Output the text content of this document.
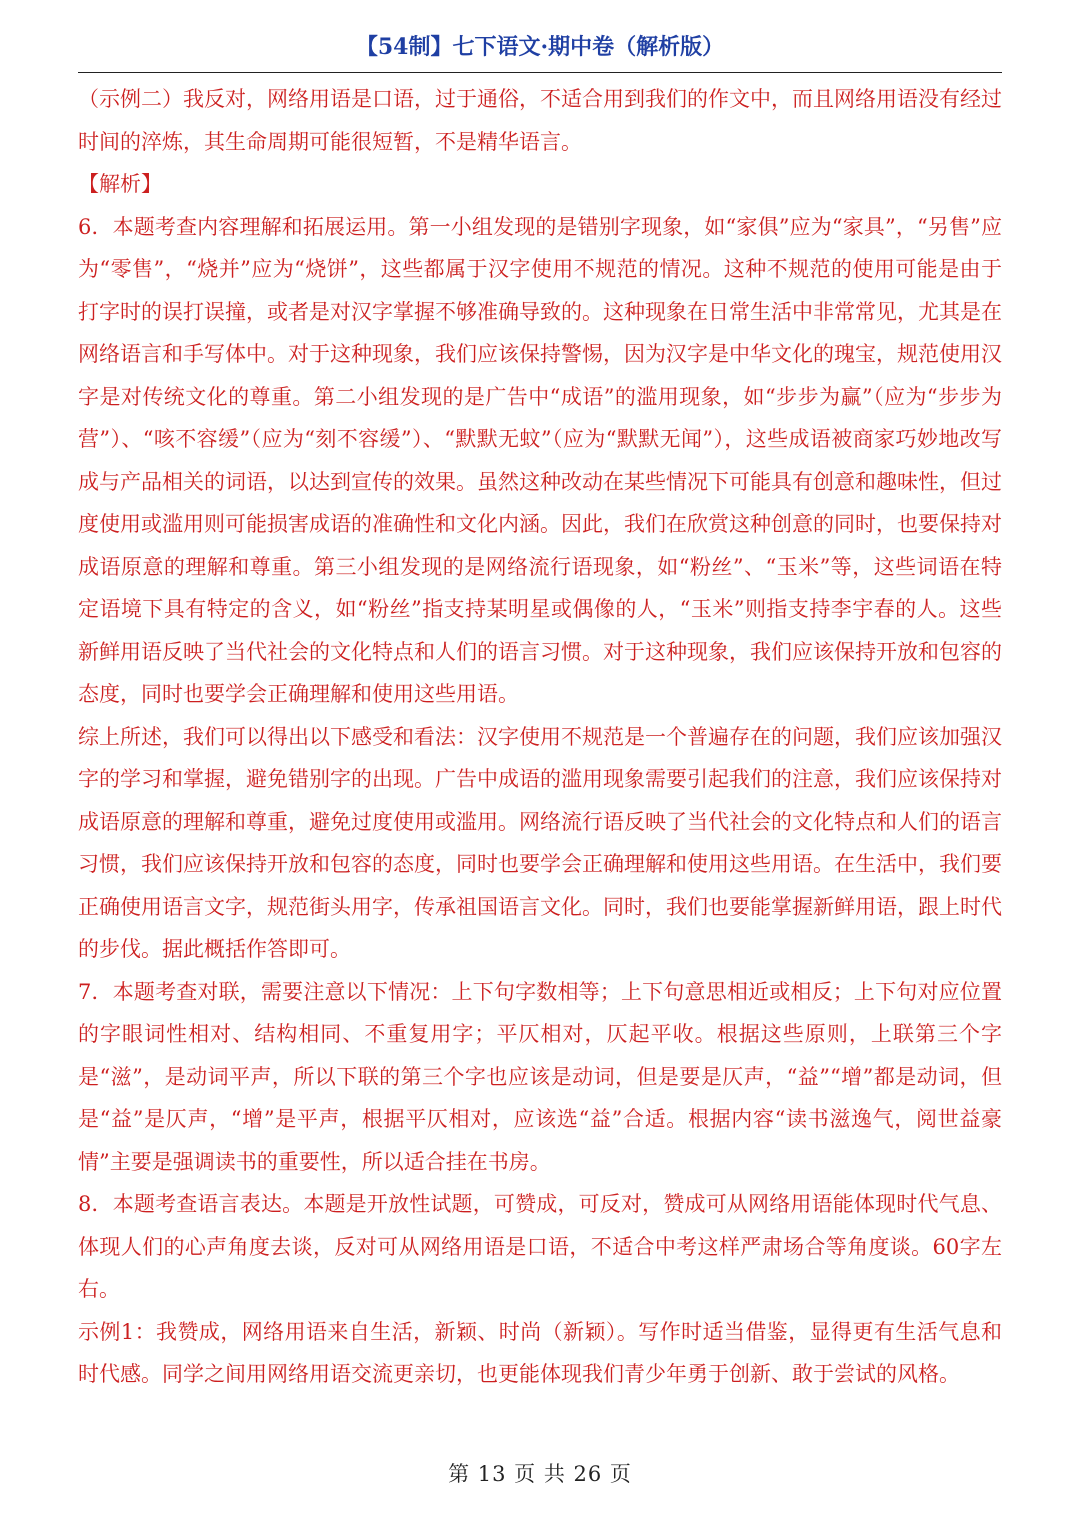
【54制】七下语文·期中卷（解析版）

（示例二）我反对，网络用语是口语，过于通俗，不适合用到我们的作文中，而且网络用语没有经过时间的淬炼，其生命周期可能很短暂，不是精华语言。

【解析】

6．本题考查内容理解和拓展运用。第一小组发现的是错别字现象，如“家俱”应为“家具”，“另售”应为“零售”，“烧并”应为“烧饼”，这些都属于汉字使用不规范的情况。这种不规范的使用可能是由于打字时的误打误撞，或者是对汉字掌握不够准确导致的。这种现象在日常生活中非常常见，尤其是在网络语言和手写体中。对于这种现象，我们应该保持警惕，因为汉字是中华文化的瑰宝，规范使用汉字是对传统文化的尊重。第二小组发现的是广告中“成语”的滥用现象，如“步步为赢”（应为“步步为营”）、“咳不容缓”（应为“刻不容缓”）、“默默无蚊”（应为“默默无闻”），这些成语被商家巧妙地改写成与产品相关的词语，以达到宣传的效果。虽然这种改动在某些情况下可能具有创意和趣味性，但过度使用或滥用则可能损害成语的准确性和文化内涵。因此，我们在欣赏这种创意的同时，也要保持对成语原意的理解和尊重。第三小组发现的是网络流行语现象，如“粉丝”、“玉米”等，这些词语在特定语境下具有特定的含义，如“粉丝”指支持某明星或偶像的人，“玉米”则指支持李宇春的人。这些新鲜用语反映了当代社会的文化特点和人们的语言习惯。对于这种现象，我们应该保持开放和包容的态度，同时也要学会正确理解和使用这些用语。

综上所述，我们可以得出以下感受和看法：汉字使用不规范是一个普遍存在的问题，我们应该加强汉字的学习和掌握，避免错别字的出现。广告中成语的滥用现象需要引起我们的注意，我们应该保持对成语原意的理解和尊重，避免过度使用或滥用。网络流行语反映了当代社会的文化特点和人们的语言习惯，我们应该保持开放和包容的态度，同时也要学会正确理解和使用这些用语。在生活中，我们要正确使用语言文字，规范街头用字，传承祖国语言文化。同时，我们也要能掌握新鲜用语，跟上时代的步伐。据此概括作答即可。

7．本题考查对联，需要注意以下情况：上下句字数相等；上下句意思相近或相反；上下句对应位置的字眼词性相对、结构相同、不重复用字；平仄相对，仄起平收。根据这些原则，上联第三个字是“滋”，是动词平声，所以下联的第三个字也应该是动词，但是要是仄声，“益”“增”都是动词，但是“益”是仄声，“增”是平声，根据平仄相对，应该选“益”合适。根据内容“读书滋逸气，阅世益豪情”主要是强调读书的重要性，所以适合挂在书房。

8．本题考查语言表达。本题是开放性试题，可赞成，可反对，赞成可从网络用语能体现时代气息、体现人们的心声角度去谈，反对可从网络用语是口语，不适合中考这样严肃场合等角度谈。60字左右。

示例1：我赞成，网络用语来自生活，新颖、时尚（新颖）。写作时适当借鉴，显得更有生活气息和时代感。同学之间用网络用语交流更亲切，也更能体现我们青少年勇于创新、敢于尝试的风格。

第 13 页 共 26 页
